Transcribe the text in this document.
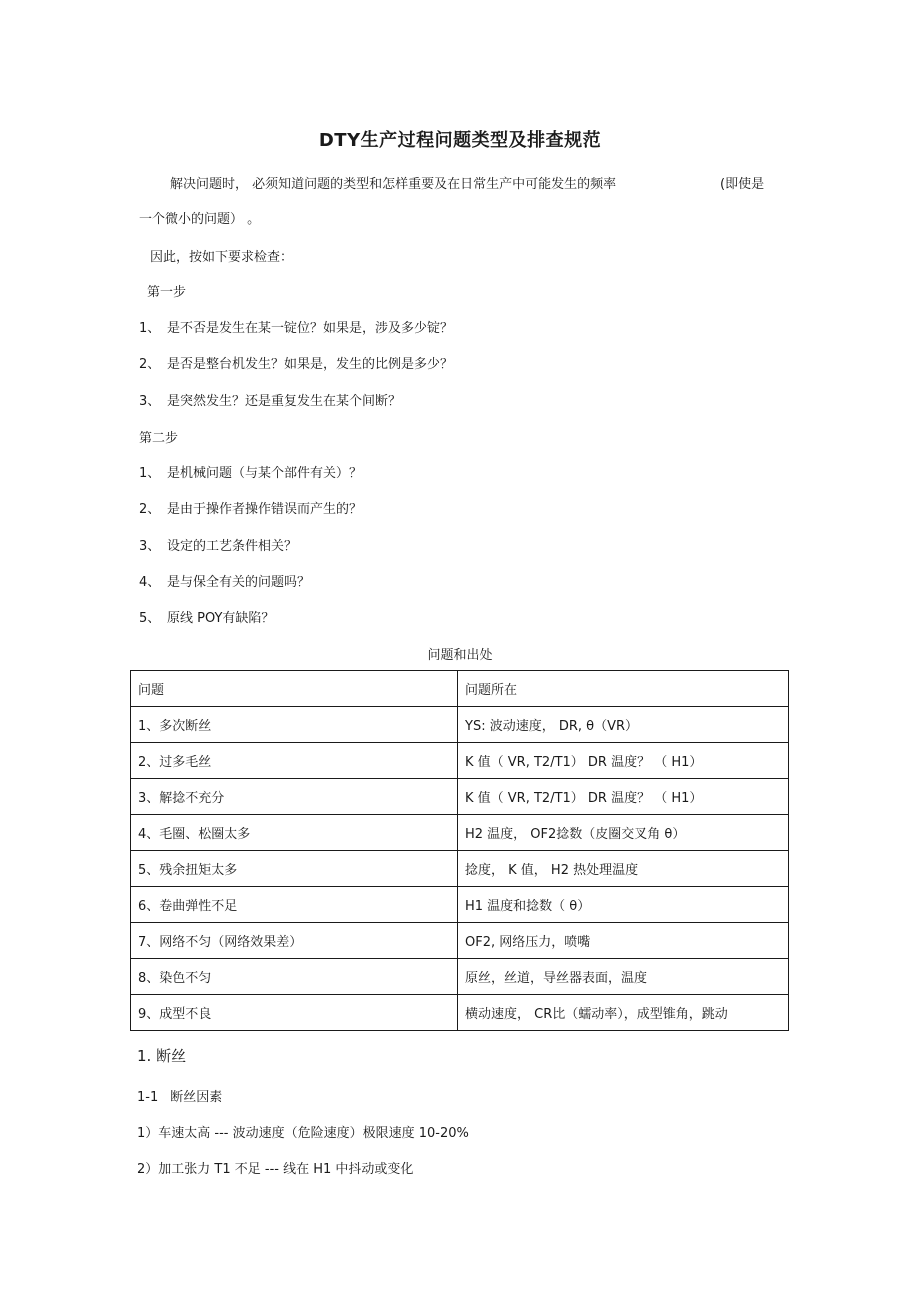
DTY生产过程问题类型及排查规范
解决问题时， 必须知道问题的类型和怎样重要及在日常生产中可能发生的频率	(即使是
一个微小的问题） 。
因此，按如下要求检查：
第一步
1、 是不否是发生在某一锭位？如果是，涉及多少锭？
2、 是否是整台机发生？如果是，发生的比例是多少？
3、 是突然发生？还是重复发生在某个间断？
第二步
1、 是机械问题（与某个部件有关）？
2、 是由于操作者操作错误而产生的？
3、 设定的工艺条件相关？
4、 是与保全有关的问题吗？
5、 原线 POY有缺陷？
问题和出处
问题	问题所在
1、多次断丝	YS: 波动速度， DR, θ（VR）
2、过多毛丝	K 值（ VR, T2/T1） DR 温度？ （ H1）
3、解捻不充分	K 值（ VR, T2/T1） DR 温度？ （ H1）
4、毛圈、松圈太多	H2 温度， OF2捻数（皮圈交叉角 θ）
5、残余扭矩太多	捻度， K 值， H2 热处理温度
6、卷曲弹性不足	H1 温度和捻数（ θ）
7、网络不匀（网络效果差）	OF2, 网络压力，喷嘴
8、染色不匀	原丝，丝道，导丝器表面，温度
9、成型不良	横动速度， CR比（蠕动率），成型锥角，跳动
1. 断丝
1-1 断丝因素
1）车速太高 --- 波动速度（危险速度）极限速度 10-20%
2）加工张力 T1 不足 --- 线在 H1 中抖动或变化
